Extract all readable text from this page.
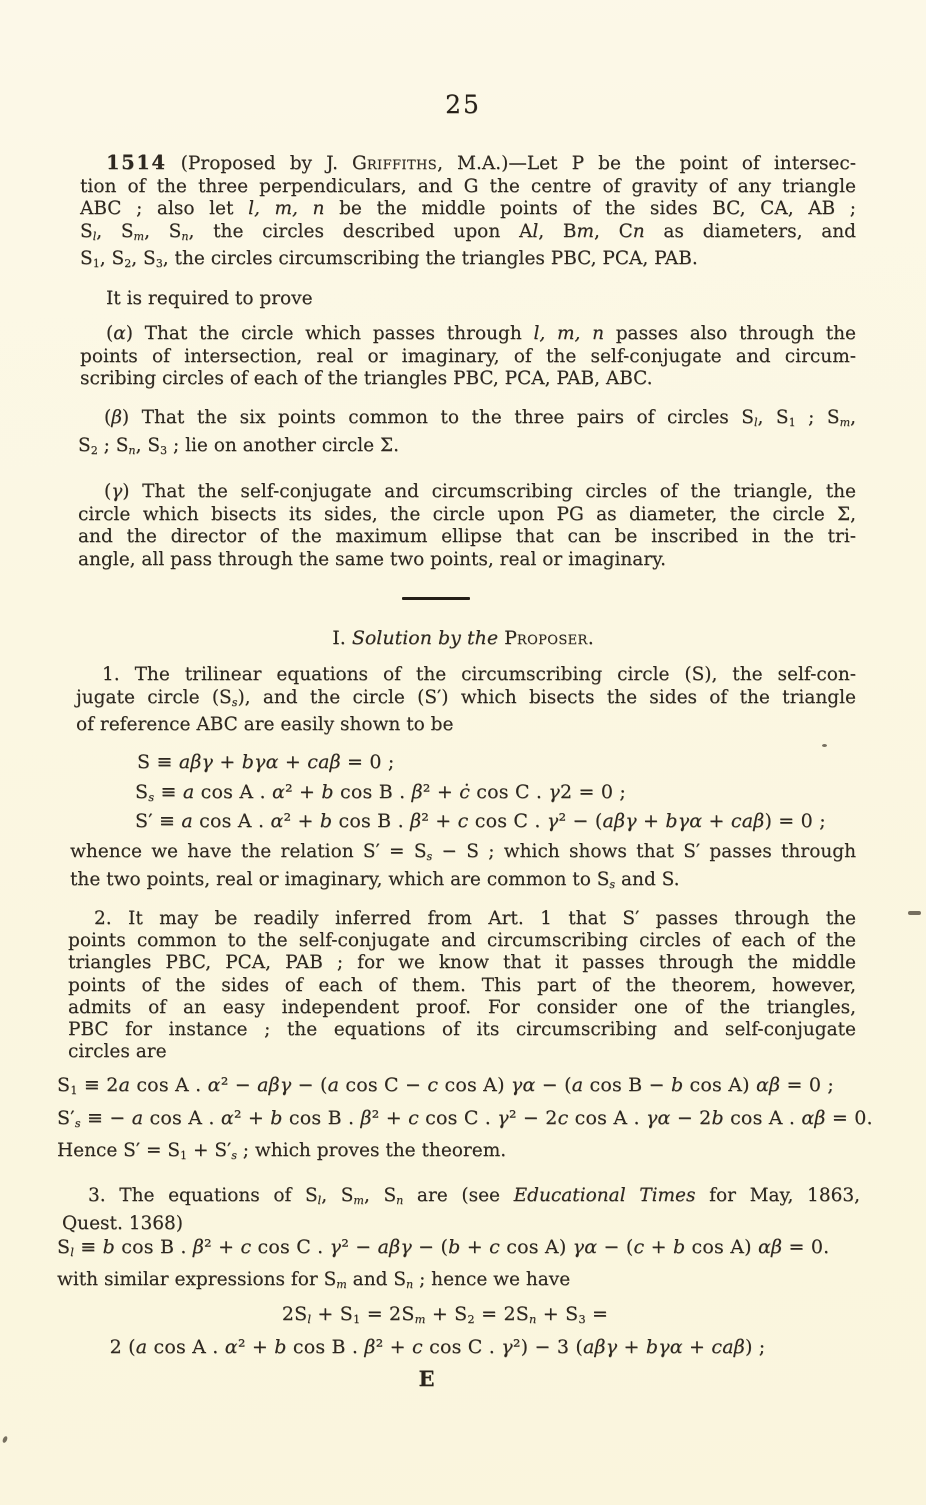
25
1514 (Proposed by J. Griffiths, M.A.)—Let P be the point of intersec-
tion of the three perpendiculars, and G the centre of gravity of any triangle
ABC ; also let l, m, n be the middle points of the sides BC, CA, AB ;
Sl, Sm, Sn, the circles described upon Al, Bm, Cn as diameters, and
S1, S2, S3, the circles circumscribing the triangles PBC, PCA, PAB.
It is required to prove
(α) That the circle which passes through l, m, n passes also through the
points of intersection, real or imaginary, of the self-conjugate and circum-
scribing circles of each of the triangles PBC, PCA, PAB, ABC.
(β) That the six points common to the three pairs of circles Sl, S1 ; Sm,
S2 ; Sn, S3 ; lie on another circle Σ.
(γ) That the self-conjugate and circumscribing circles of the triangle, the
circle which bisects its sides, the circle upon PG as diameter, the circle Σ,
and the director of the maximum ellipse that can be inscribed in the tri-
angle, all pass through the same two points, real or imaginary.
I. Solution by the Proposer.
1. The trilinear equations of the circumscribing circle (S), the self-con-
jugate circle (Ss), and the circle (S′) which bisects the sides of the triangle
of reference ABC are easily shown to be
S ≡ aβγ + bγα + caβ = 0 ;
Ss ≡ a cos A . α² + b cos B . β² + ċ cos C . γ2 = 0 ;
S′ ≡ a cos A . α² + b cos B . β² + c cos C . γ² − (aβγ + bγα + caβ) = 0 ;
whence we have the relation S′ = Ss − S ; which shows that S′ passes through
the two points, real or imaginary, which are common to Ss and S.
2. It may be readily inferred from Art. 1 that S′ passes through the
points common to the self-conjugate and circumscribing circles of each of the
triangles PBC, PCA, PAB ; for we know that it passes through the middle
points of the sides of each of them. This part of the theorem, however,
admits of an easy independent proof. For consider one of the triangles,
PBC for instance ; the equations of its circumscribing and self-conjugate
circles are
S1 ≡ 2a cos A . α² − aβγ − (a cos C − c cos A) γα − (a cos B − b cos A) αβ = 0 ;
S′s ≡ − a cos A . α² + b cos B . β² + c cos C . γ² − 2c cos A . γα − 2b cos A . αβ = 0.
Hence S′ = S1 + S′s ; which proves the theorem.
3. The equations of Sl, Sm, Sn are (see Educational Times for May, 1863,
Quest. 1368)
Sl ≡ b cos B . β² + c cos C . γ² − aβγ − (b + c cos A) γα − (c + b cos A) αβ = 0.
with similar expressions for Sm and Sn ; hence we have
2Sl + S1 = 2Sm + S2 = 2Sn + S3 =
2 (a cos A . α² + b cos B . β² + c cos C . γ²) − 3 (aβγ + bγα + caβ) ;
E
